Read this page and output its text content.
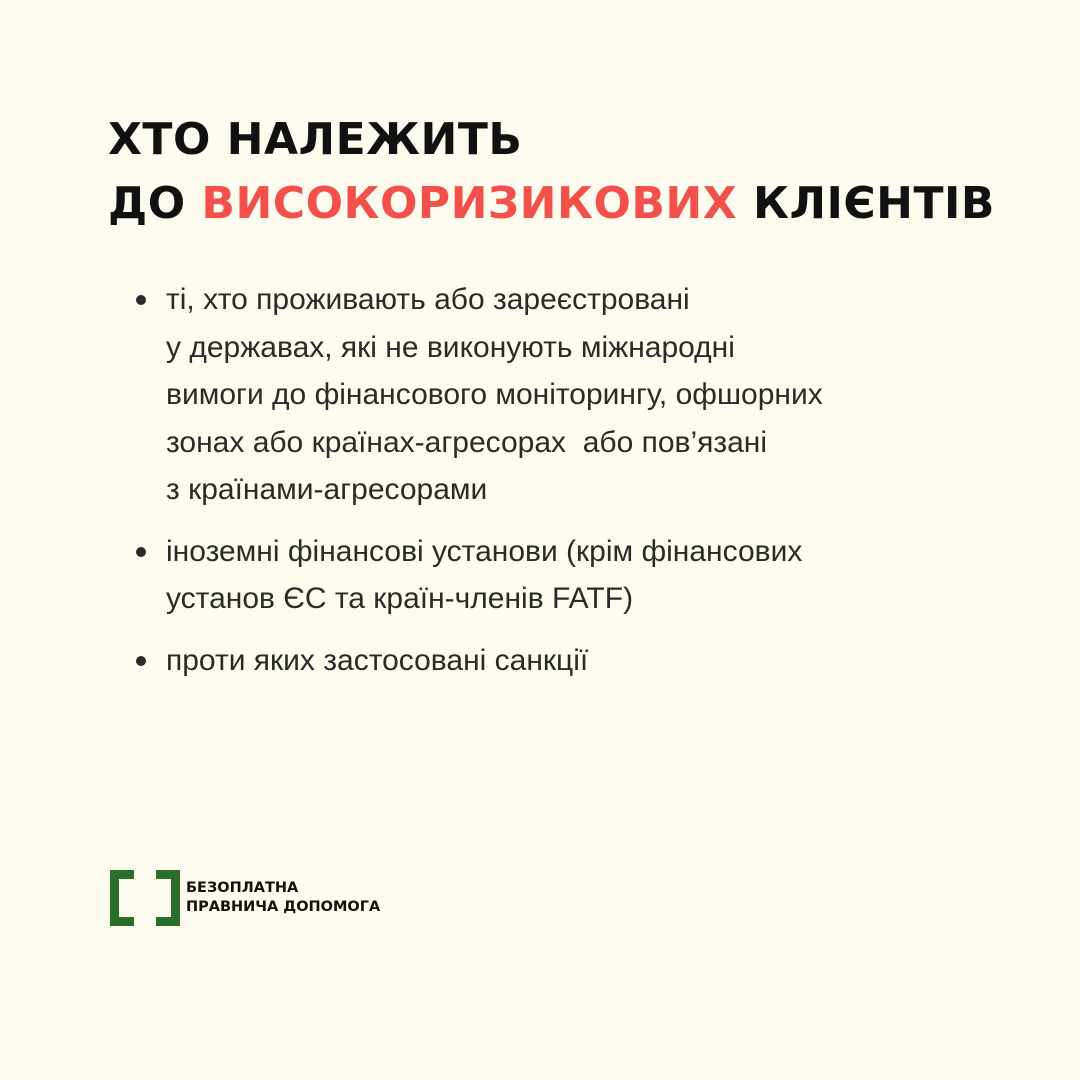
ХТО НАЛЕЖИТЬ
ДО ВИСОКОРИЗИКОВИХ КЛІЄНТІВ
ті, хто проживають або зареєстровані
у державах, які не виконують міжнародні
вимоги до фінансового моніторингу, офшорних
зонах або країнах-агресорах  або пов’язані
з країнами-агресорами
іноземні фінансові установи (крім фінансових
установ ЄС та країн-членів FATF)
проти яких застосовані санкції
БЕЗОПЛАТНА
ПРАВНИЧА ДОПОМОГА
